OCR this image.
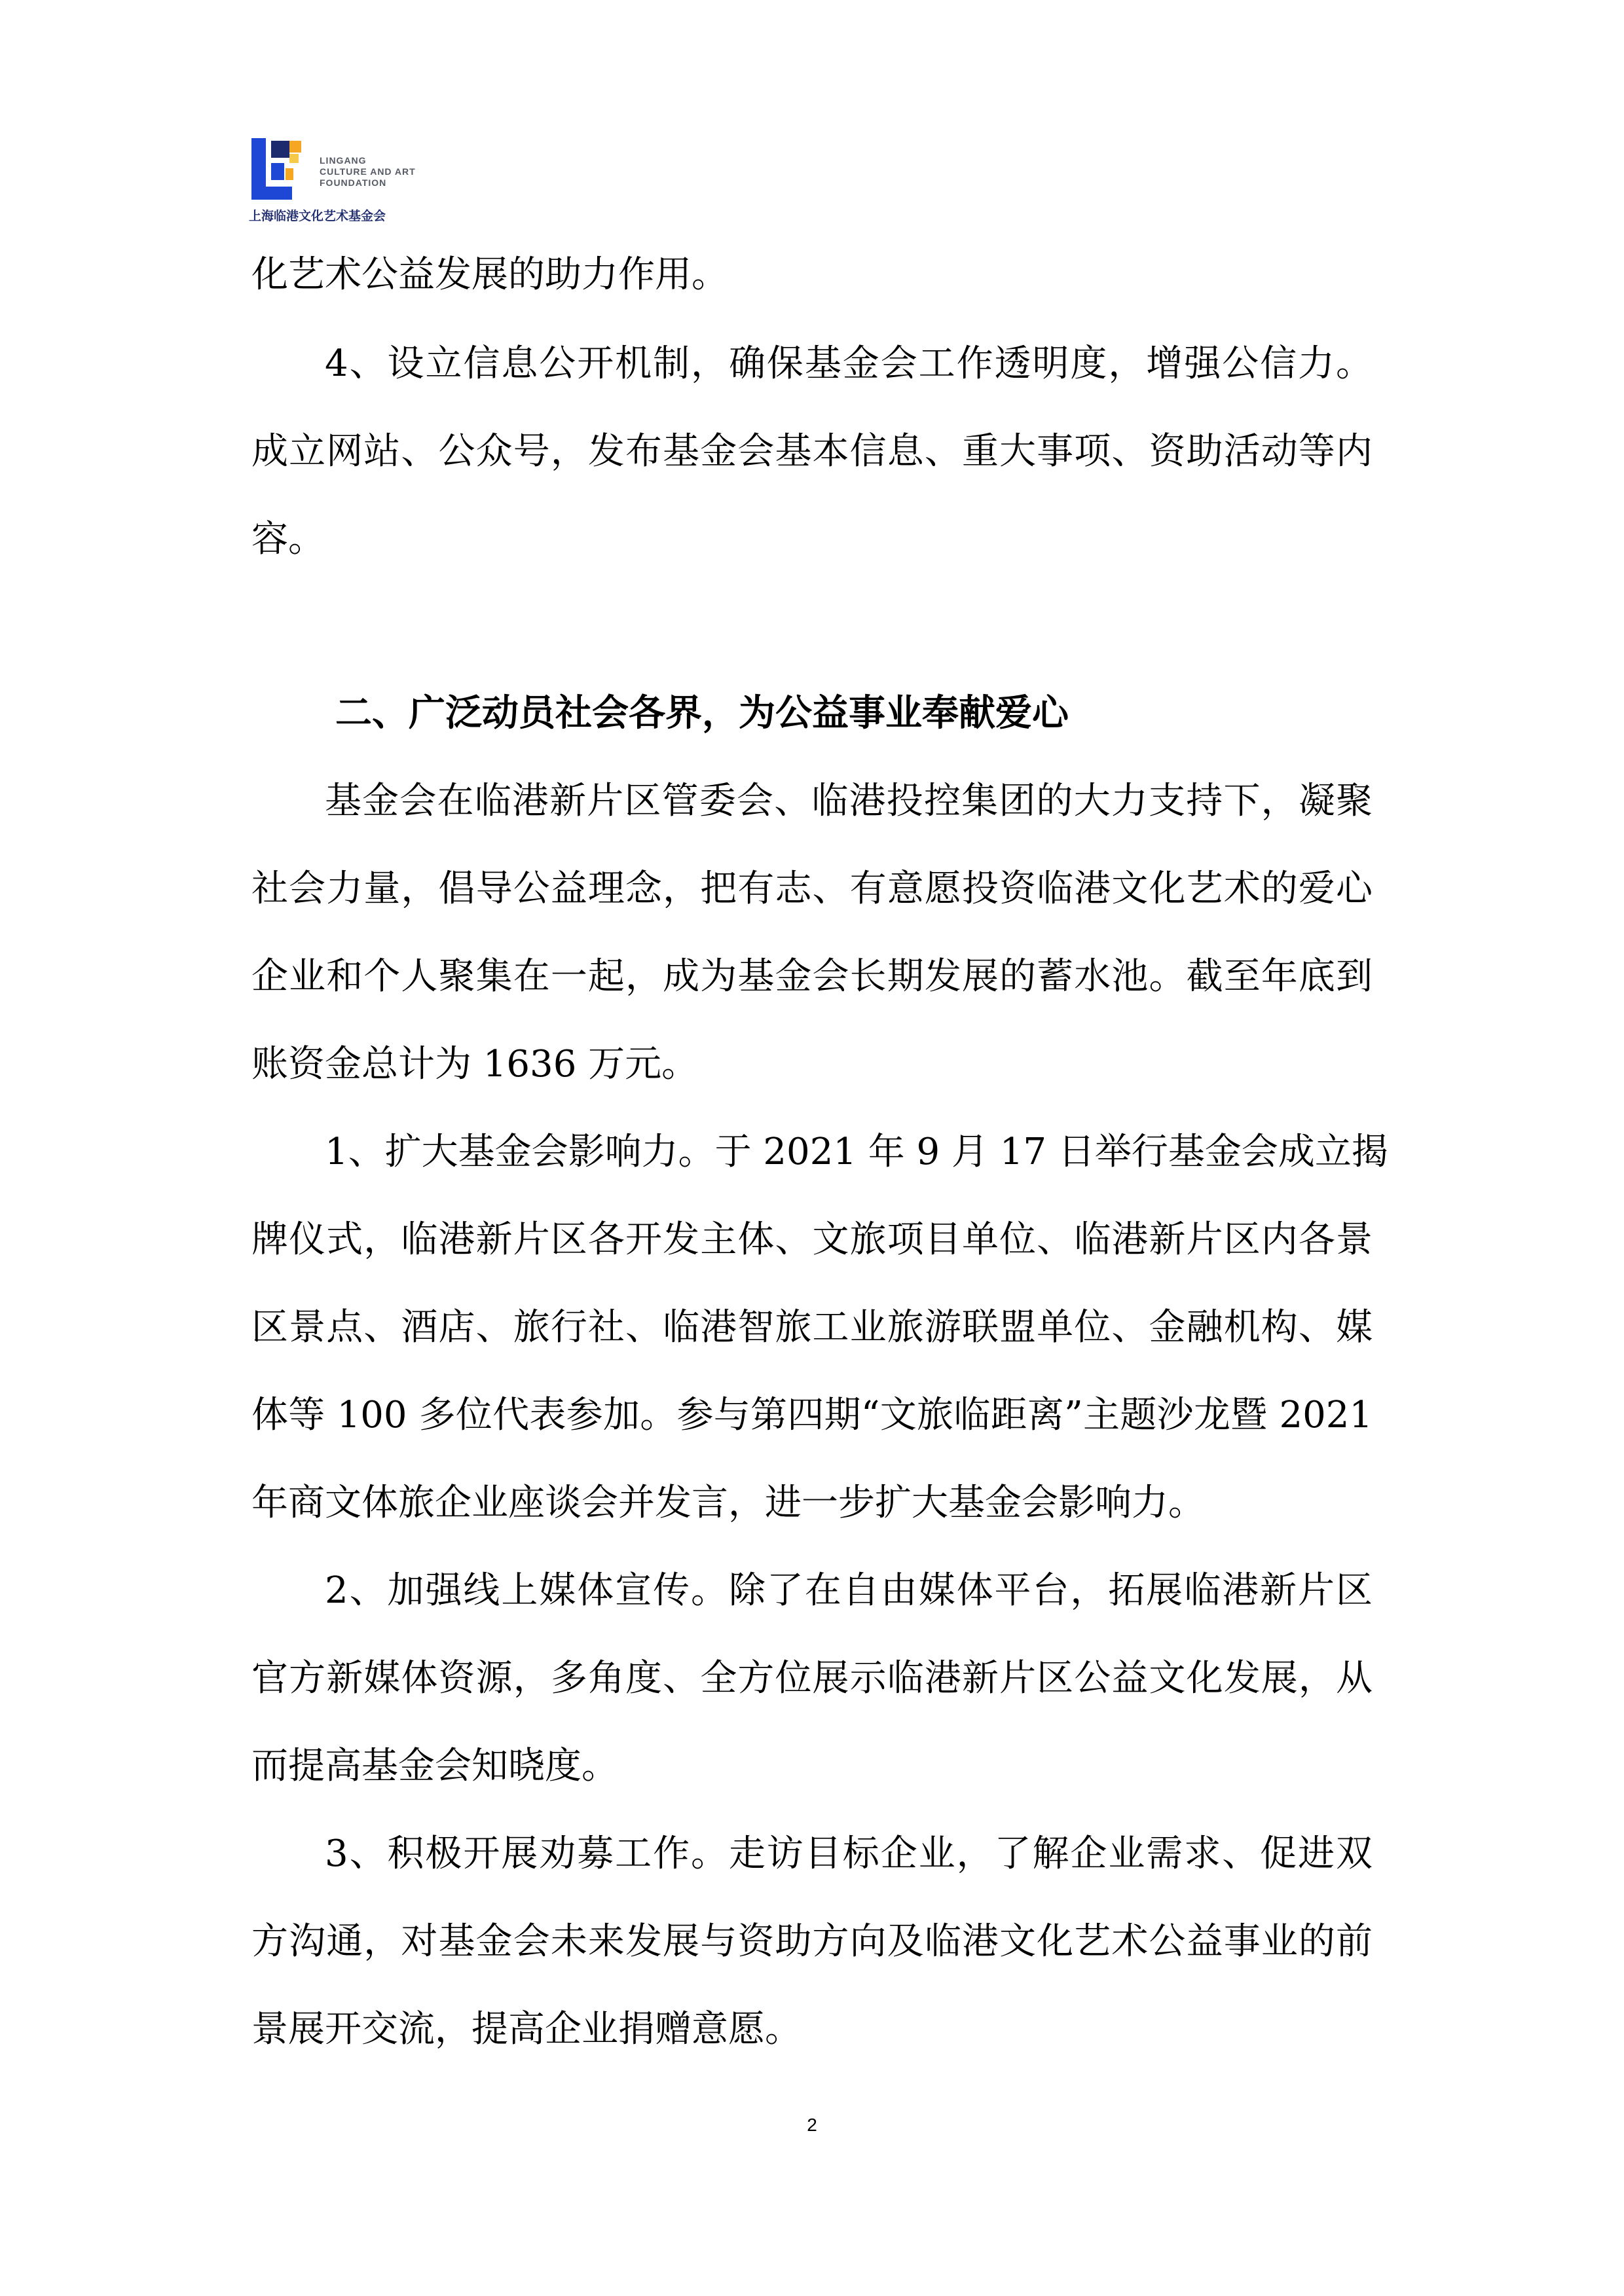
LINGANG
CULTURE AND ART
FOUNDATION
上海临港文化艺术基金会
化艺术公益发展的助力作用。
4、设立信息公开机制，确保基金会工作透明度，增强公信力。
成立网站、公众号，发布基金会基本信息、重大事项、资助活动等内
容。
二、广泛动员社会各界，为公益事业奉献爱心
基金会在临港新片区管委会、临港投控集团的大力支持下，凝聚
社会力量，倡导公益理念，把有志、有意愿投资临港文化艺术的爱心
企业和个人聚集在一起，成为基金会长期发展的蓄水池。截至年底到
账资金总计为 1636 万元。
1、扩大基金会影响力。于 2021 年 9 月 17 日举行基金会成立揭
牌仪式，临港新片区各开发主体、文旅项目单位、临港新片区内各景
区景点、酒店、旅行社、临港智旅工业旅游联盟单位、金融机构、媒
体等 100 多位代表参加。参与第四期“文旅临距离”主题沙龙暨 2021
年商文体旅企业座谈会并发言，进一步扩大基金会影响力。
2、加强线上媒体宣传。除了在自由媒体平台，拓展临港新片区
官方新媒体资源，多角度、全方位展示临港新片区公益文化发展，从
而提高基金会知晓度。
3、积极开展劝募工作。走访目标企业，了解企业需求、促进双
方沟通，对基金会未来发展与资助方向及临港文化艺术公益事业的前
景展开交流，提高企业捐赠意愿。
2
